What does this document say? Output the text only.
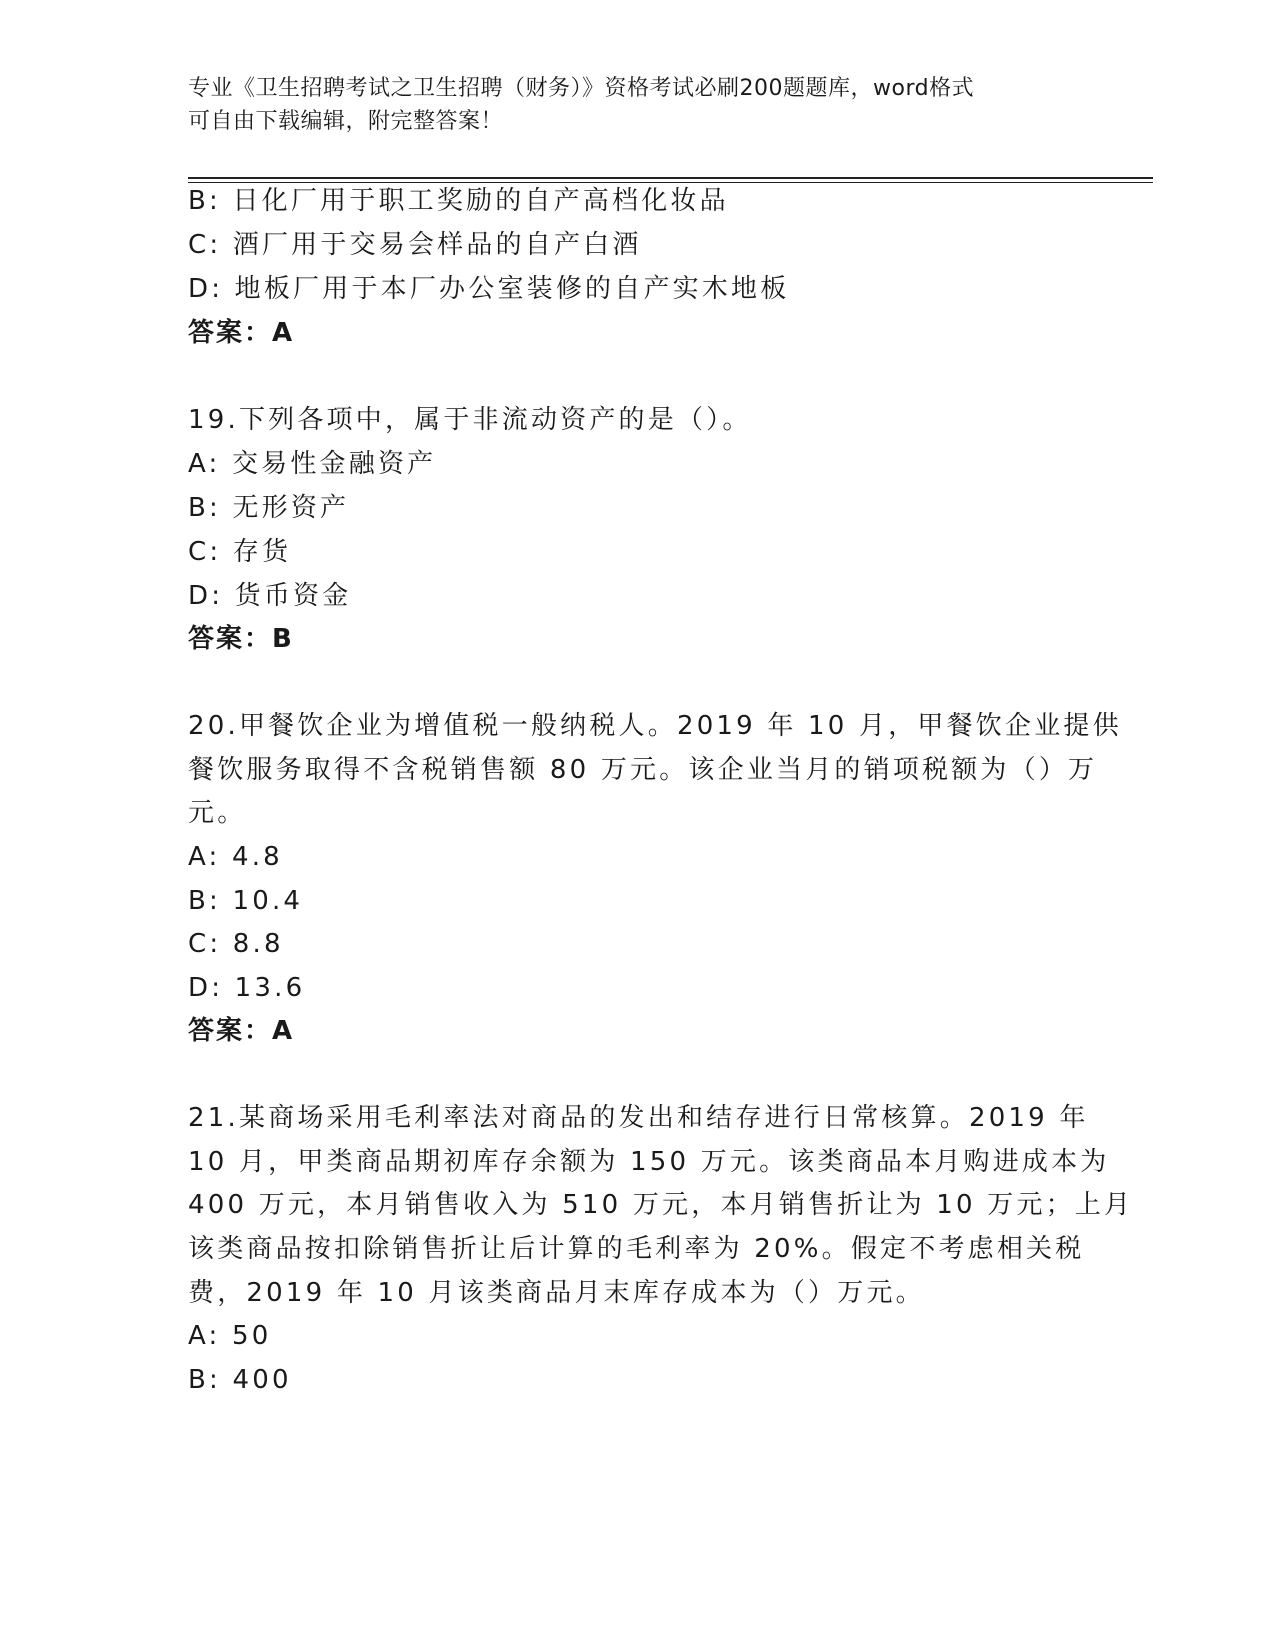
专业《卫生招聘考试之卫生招聘（财务）》资格考试必刷200题题库，word格式
可自由下载编辑，附完整答案！
B: 日化厂用于职工奖励的自产高档化妆品
C: 酒厂用于交易会样品的自产白酒
D: 地板厂用于本厂办公室装修的自产实木地板
答案：A
19.下列各项中，属于非流动资产的是（）。
A: 交易性金融资产
B: 无形资产
C: 存货
D: 货币资金
答案：B
20.甲餐饮企业为增值税一般纳税人。2019 年 10 月，甲餐饮企业提供
餐饮服务取得不含税销售额 80 万元。该企业当月的销项税额为（）万
元。
A: 4.8
B: 10.4
C: 8.8
D: 13.6
答案：A
21.某商场采用毛利率法对商品的发出和结存进行日常核算。2019 年
10 月，甲类商品期初库存余额为 150 万元。该类商品本月购进成本为
400 万元，本月销售收入为 510 万元，本月销售折让为 10 万元；上月
该类商品按扣除销售折让后计算的毛利率为 20%。假定不考虑相关税
费，2019 年 10 月该类商品月末库存成本为（）万元。
A: 50
B: 400
